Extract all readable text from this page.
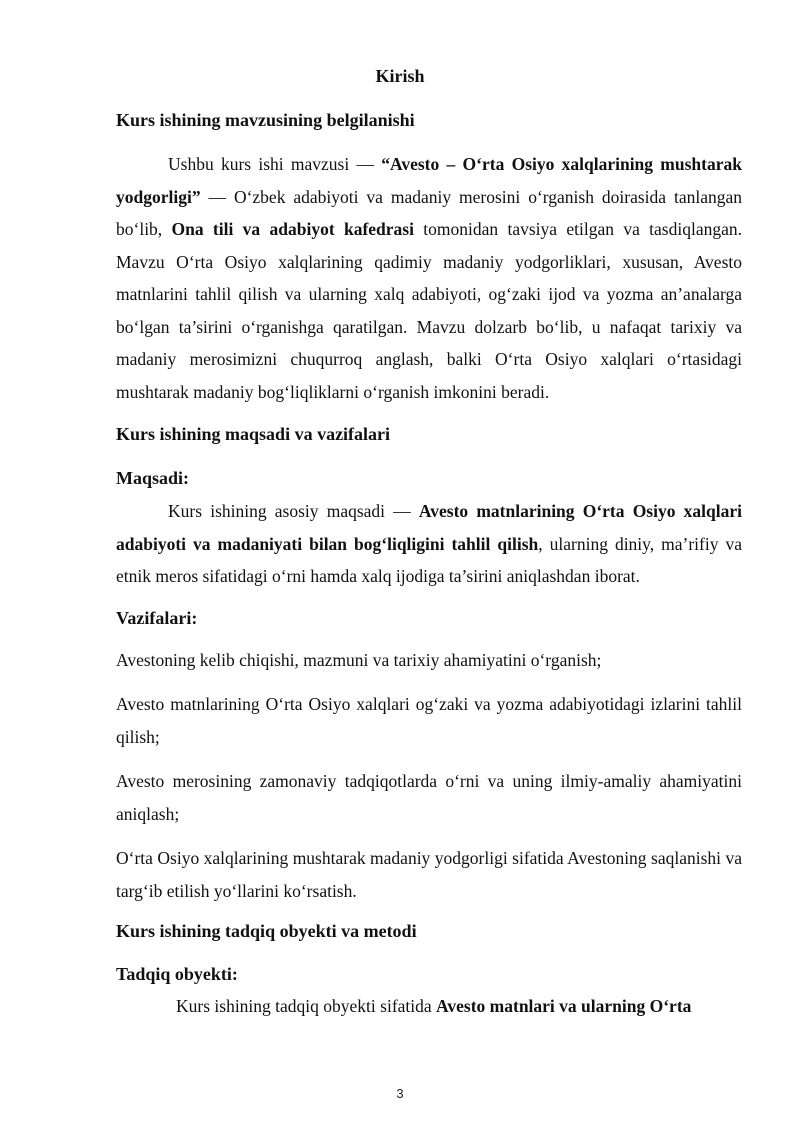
Kirish
Kurs ishining mavzusining belgilanishi
Ushbu kurs ishi mavzusi — “Avesto – O‘rta Osiyo xalqlarining mushtarak yodgorligi” — O‘zbek adabiyoti va madaniy merosini o‘rganish doirasida tanlangan bo‘lib, Ona tili va adabiyot kafedrasi tomonidan tavsiya etilgan va tasdiqlangan. Mavzu O‘rta Osiyo xalqlarining qadimiy madaniy yodgorliklari, xususan, Avesto matnlarini tahlil qilish va ularning xalq adabiyoti, og‘zaki ijod va yozma an’analarga bo‘lgan ta’sirini o‘rganishga qaratilgan. Mavzu dolzarb bo‘lib, u nafaqat tarixiy va madaniy merosimizni chuqurroq anglash, balki O‘rta Osiyo xalqlari o‘rtasidagi mushtarak madaniy bog‘liqliklarni o‘rganish imkonini beradi.
Kurs ishining maqsadi va vazifalari
Maqsadi:
Kurs ishining asosiy maqsadi — Avesto matnlarining O‘rta Osiyo xalqlari adabiyoti va madaniyati bilan bog‘liqligini tahlil qilish, ularning diniy, ma’rifiy va etnik meros sifatidagi o‘rni hamda xalq ijodiga ta’sirini aniqlashdan iborat.
Vazifalari:
Avestoning kelib chiqishi, mazmuni va tarixiy ahamiyatini o‘rganish;
Avesto matnlarining O‘rta Osiyo xalqlari og‘zaki va yozma adabiyotidagi izlarini tahlil qilish;
Avesto merosining zamonaviy tadqiqotlarda o‘rni va uning ilmiy-amaliy ahamiyatini aniqlash;
O‘rta Osiyo xalqlarining mushtarak madaniy yodgorligi sifatida Avestoning saqlanishi va targ‘ib etilish yo‘llarini ko‘rsatish.
Kurs ishining tadqiq obyekti va metodi
Tadqiq obyekti:
Kurs ishining tadqiq obyekti sifatida Avesto matnlari va ularning O‘rta
3
